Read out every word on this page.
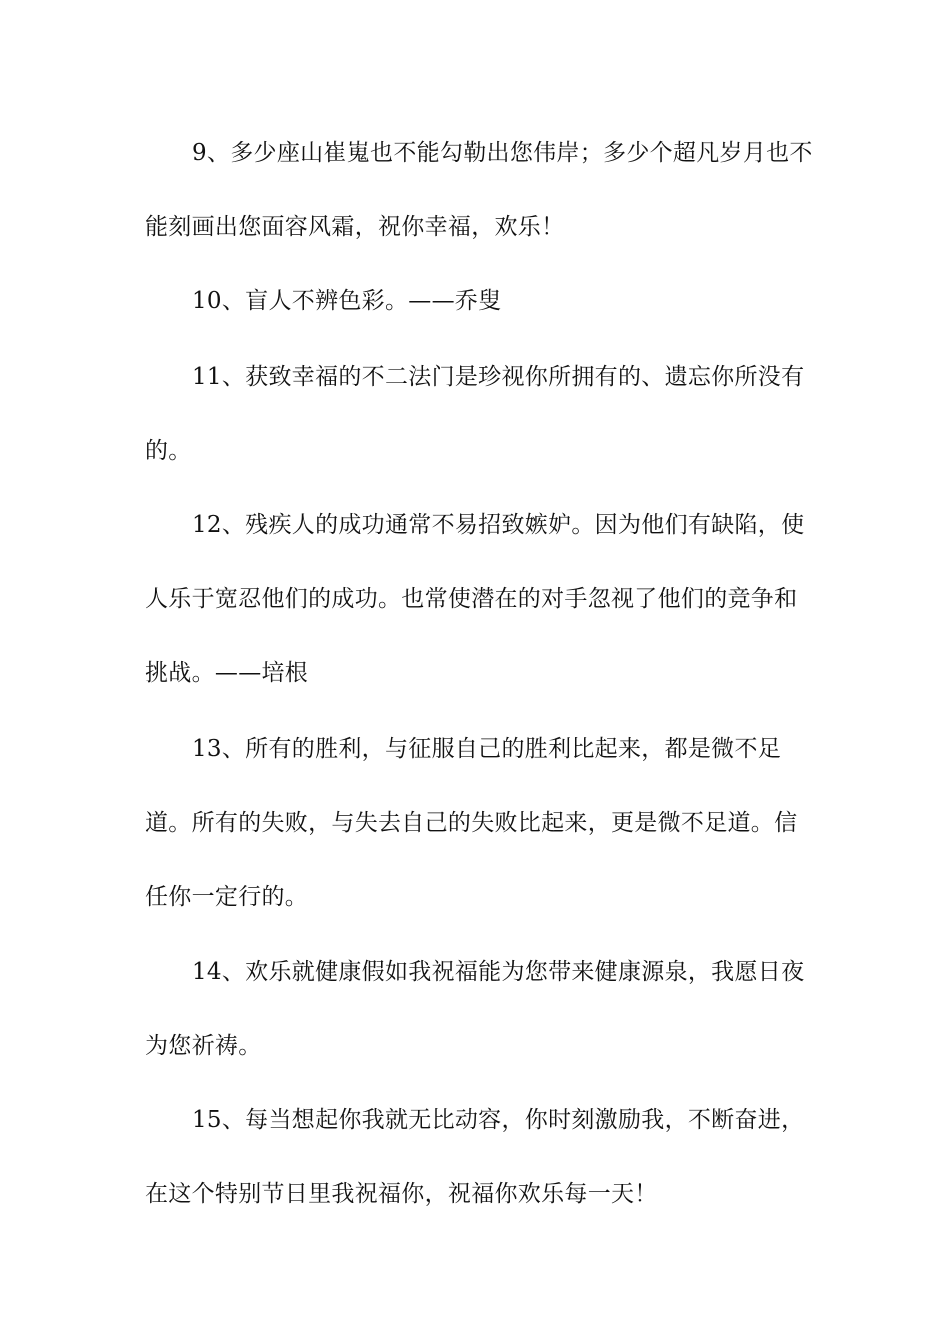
9、多少座山崔嵬也不能勾勒出您伟岸；多少个超凡岁月也不能刻画出您面容风霜，祝你幸福，欢乐！

10、盲人不辨色彩。——乔叟

11、获致幸福的不二法门是珍视你所拥有的、遗忘你所没有的。

12、残疾人的成功通常不易招致嫉妒。因为他们有缺陷，使人乐于宽忍他们的成功。也常使潜在的对手忽视了他们的竞争和挑战。——培根

13、所有的胜利，与征服自己的胜利比起来，都是微不足道。所有的失败，与失去自己的失败比起来，更是微不足道。信任你一定行的。

14、欢乐就健康假如我祝福能为您带来健康源泉，我愿日夜为您祈祷。

15、每当想起你我就无比动容，你时刻激励我，不断奋进，在这个特别节日里我祝福你，祝福你欢乐每一天！
